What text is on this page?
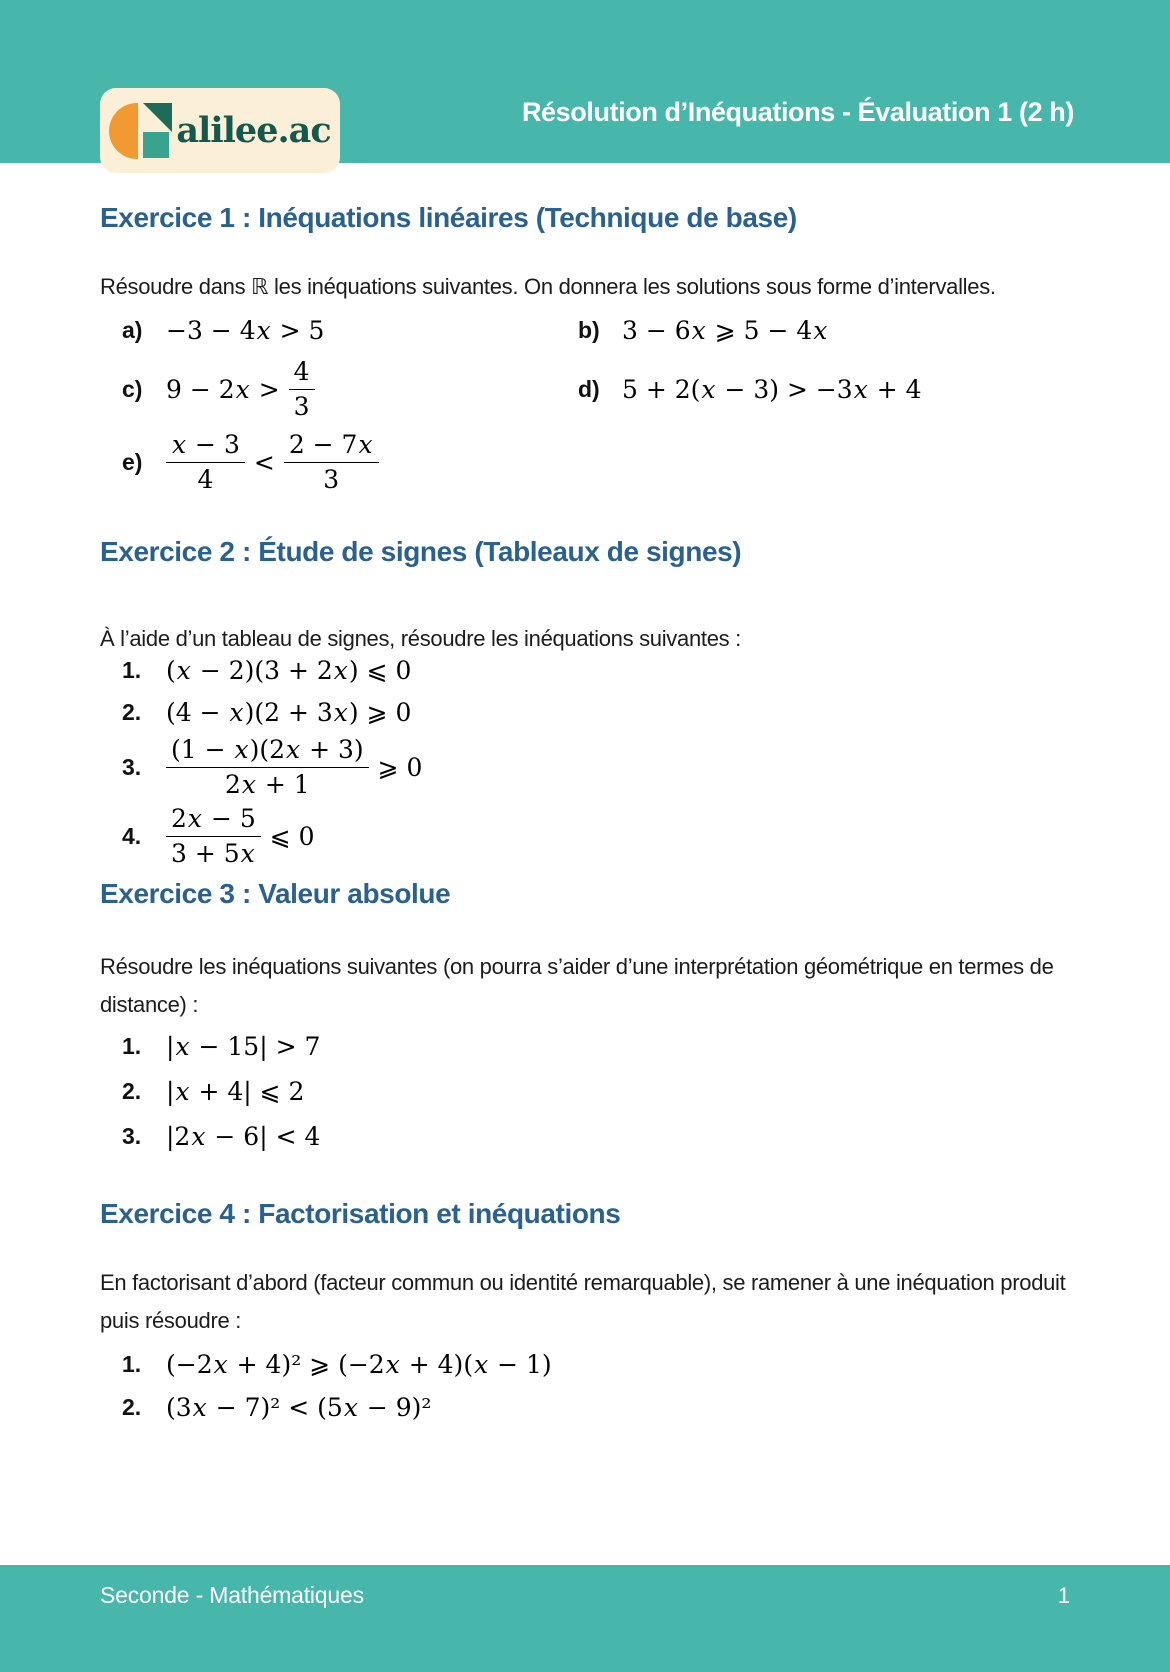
alilee.ac	Résolution d’Inéquations - Évaluation 1 (2 h)
Exercice 1 : Inéquations linéaires (Technique de base)

Résoudre dans ℝ les inéquations suivantes. On donnera les solutions sous forme d’intervalles.

a) −3 − 4x > 5	b) 3 − 6x ⩾ 5 − 4x
c) $9 - 2x > \frac{4}{3}$	d) 5 + 2(x − 3) > −3x + 4
$e) \frac{x - 3}{4} < \frac{2 - 7x}{3}$
Exercice 2 : Étude de signes (Tableaux de signes)

À l’aide d’un tableau de signes, résoudre les inéquations suivantes :

1. (x − 2)(3 + 2x) ⩽ 0
2. (4 − x)(2 + 3x) ⩾ 0
3. $\frac{(1 - x)(2x + 3)}{2x + 1}$ ⩾ 0
4. $\frac{2x - 5}{3 + 5x}$ ⩽ 0
Exercice 3 : Valeur absolue

Résoudre les inéquations suivantes (on pourra s’aider d’une interprétation géométrique en termes de
distance) :

1. |x − 15| > 7
2. |x + 4| ⩽ 2
3. |2x − 6| < 4
Exercice 4 : Factorisation et inéquations

En factorisant d’abord (facteur commun ou identité remarquable), se ramener à une inéquation produit
puis résoudre :

1. (−2x + 4)² ⩾ (−2x + 4)(x − 1)
2. (3x − 7)² < (5x − 9)²
Seconde - Mathématiques	1
